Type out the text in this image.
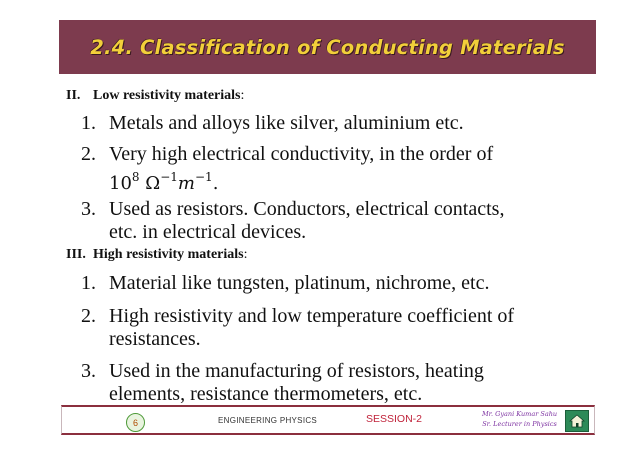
2.4. Classification of Conducting Materials
II. Low resistivity materials:
1. Metals and alloys like silver, aluminium etc.
2. Very high electrical conductivity, in the order of
$10^8$ $\Omega^{-1}m^{-1}$.
3. Used as resistors. Conductors, electrical contacts,
etc. in electrical devices.
III. High resistivity materials:
1. Material like tungsten, platinum, nichrome, etc.
2. High resistivity and low temperature coefficient of
resistances.
3. Used in the manufacturing of resistors, heating
elements, resistance thermometers, etc.
6	ENGINEERING PHYSICS	SESSION-2	Mr. Gyani Kumar Sahu
Sr. Lecturer in Physics
